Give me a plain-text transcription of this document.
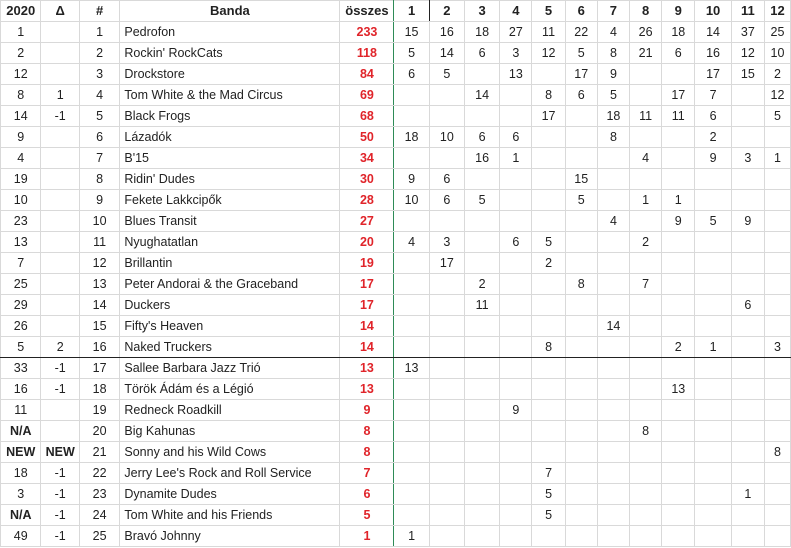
2020	Δ	#	Banda	összes	1	2	3	4	5	6	7	8	9	10	11	12
1		1	Pedrofon	233	15	16	18	27	11	22	4	26	18	14	37	25
2		2	Rockin' RockCats	118	5	14	6	3	12	5	8	21	6	16	12	10
12		3	Drockstore	84	6	5		13		17	9			17	15	2
8	1	4	Tom White & the Mad Circus	69			14		8	6	5		17	7		12
14	-1	5	Black Frogs	68					17		18	11	11	6		5
9		6	Lázadók	50	18	10	6	6			8			2		
4		7	B'15	34			16	1				4		9	3	1
19		8	Ridin' Dudes	30	9	6				15						
10		9	Fekete Lakkcipők	28	10	6	5			5		1	1			
23		10	Blues Transit	27							4		9	5	9	
13		11	Nyughatatlan	20	4	3		6	5			2				
7		12	Brillantin	19		17			2							
25		13	Peter Andorai & the Graceband	17			2			8		7				
29		14	Duckers	17			11								6	
26		15	Fifty's Heaven	14							14					
5	2	16	Naked Truckers	14					8				2	1		3
33	-1	17	Sallee Barbara Jazz Trió	13	13											
16	-1	18	Török Ádám és a Légió	13									13			
11		19	Redneck Roadkill	9				9								
N/A		20	Big Kahunas	8								8				
NEW	NEW	21	Sonny and his Wild Cows	8												8
18	-1	22	Jerry Lee's Rock and Roll Service	7					7							
3	-1	23	Dynamite Dudes	6					5						1	
N/A	-1	24	Tom White and his Friends	5					5							
49	-1	25	Bravó Johnny	1	1											
